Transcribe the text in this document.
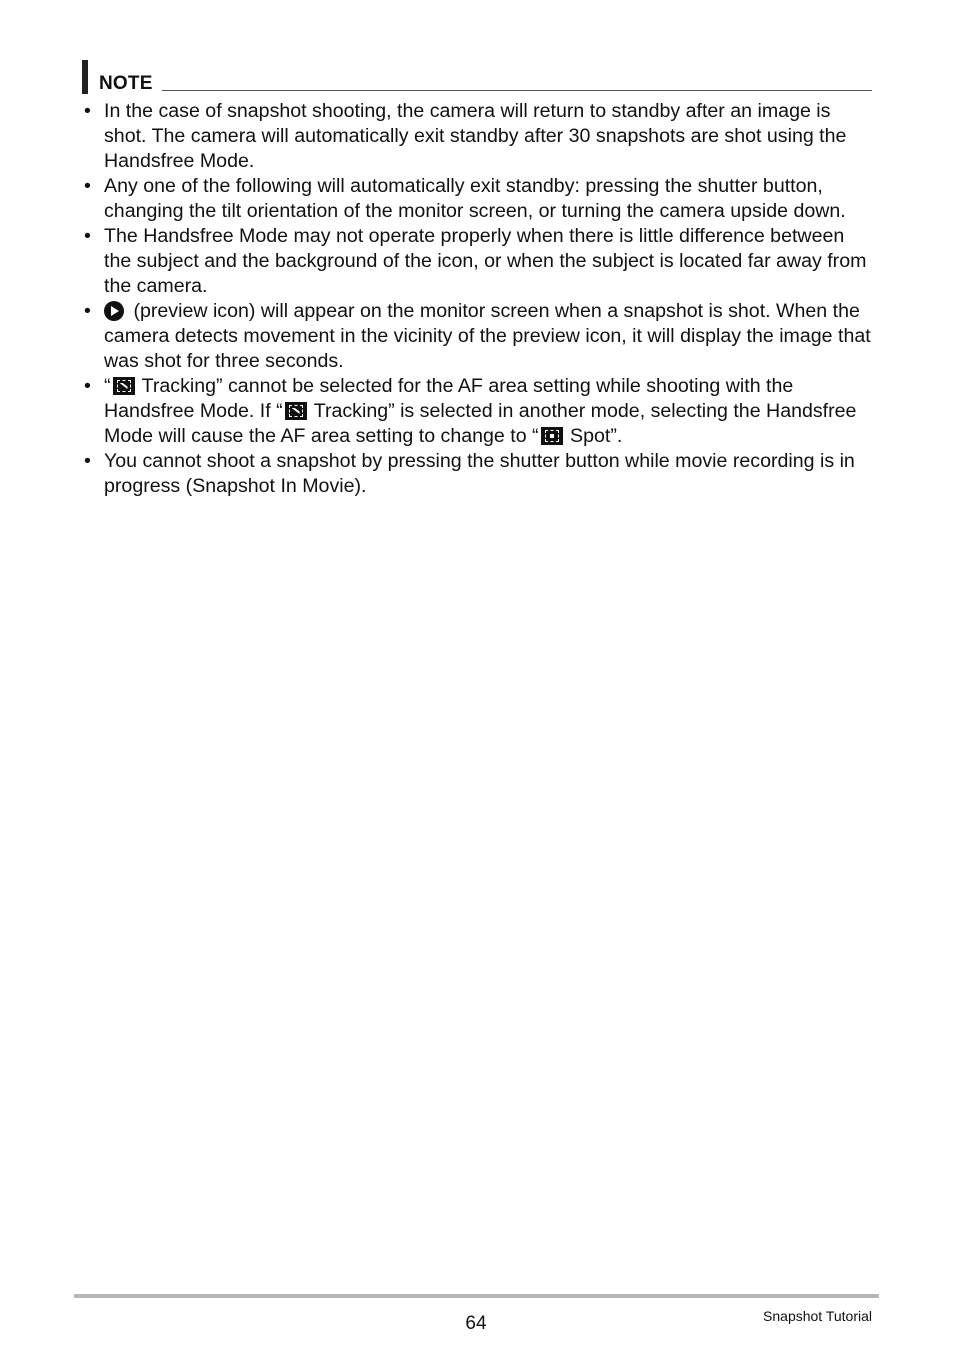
NOTE
• In the case of snapshot shooting, the camera will return to standby after an image is shot. The camera will automatically exit standby after 30 snapshots are shot using the Handsfree Mode.
• Any one of the following will automatically exit standby: pressing the shutter button, changing the tilt orientation of the monitor screen, or turning the camera upside down.
• The Handsfree Mode may not operate properly when there is little difference between the subject and the background of the icon, or when the subject is located far away from the camera.
• (preview icon) will appear on the monitor screen when a snapshot is shot. When the camera detects movement in the vicinity of the preview icon, it will display the image that was shot for three seconds.
• “ Tracking” cannot be selected for the AF area setting while shooting with the Handsfree Mode. If “ Tracking” is selected in another mode, selecting the Handsfree Mode will cause the AF area setting to change to “ Spot”.
• You cannot shoot a snapshot by pressing the shutter button while movie recording is in progress (Snapshot In Movie).
64	Snapshot Tutorial
